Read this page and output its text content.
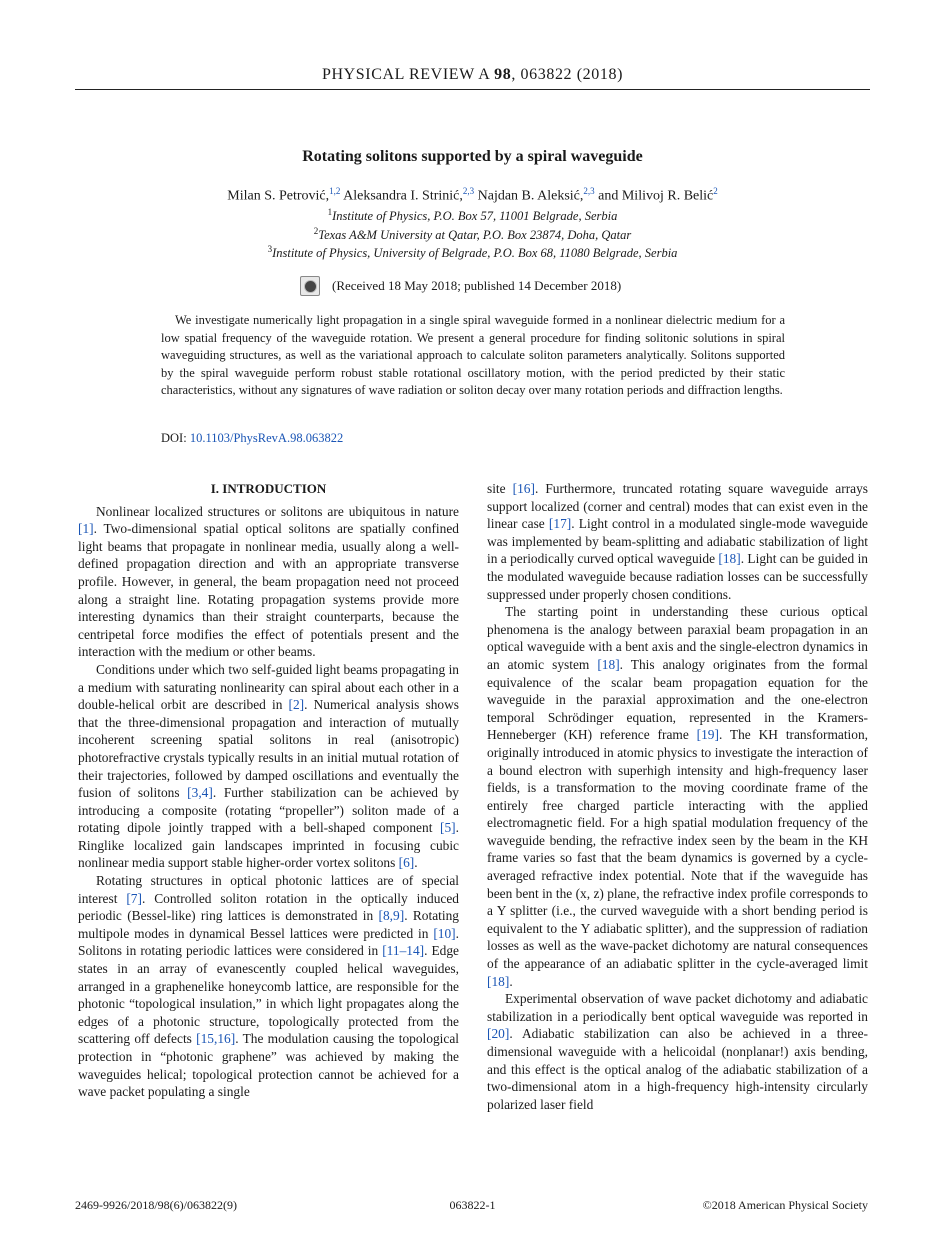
PHYSICAL REVIEW A 98, 063822 (2018)
Rotating solitons supported by a spiral waveguide
Milan S. Petrović,$^{1,2}$ Aleksandra I. Strinić,$^{2,3}$ Najdan B. Aleksić,$^{2,3}$ and Milivoj R. Belić$^2$
$^1$Institute of Physics, P.O. Box 57, 11001 Belgrade, Serbia
$^2$Texas A&M University at Qatar, P.O. Box 23874, Doha, Qatar
$^3$Institute of Physics, University of Belgrade, P.O. Box 68, 11080 Belgrade, Serbia
(Received 18 May 2018; published 14 December 2018)

We investigate numerically light propagation in a single spiral waveguide formed in a nonlinear dielectric medium for a low spatial frequency of the waveguide rotation. We present a general procedure for finding solitonic solutions in spiral waveguiding structures, as well as the variational approach to calculate soliton parameters analytically. Solitons supported by the spiral waveguide perform robust stable rotational oscillatory motion, with the period predicted by their static characteristics, without any signatures of wave radiation or soliton decay over many rotation periods and diffraction lengths.

DOI: 10.1103/PhysRevA.98.063822
I. INTRODUCTION

Nonlinear localized structures or solitons are ubiquitous in nature [1]. Two-dimensional spatial optical solitons are spatially confined light beams that propagate in nonlinear media, usually along a well-defined propagation direction and with an appropriate transverse profile. However, in general, the beam propagation need not proceed along a straight line. Rotating propagation systems provide more interesting dynamics than their straight counterparts, because the centripetal force modifies the effect of potentials present and the interaction with the medium or other beams.

Conditions under which two self-guided light beams propagating in a medium with saturating nonlinearity can spiral about each other in a double-helical orbit are described in [2]. Numerical analysis shows that the three-dimensional propagation and interaction of mutually incoherent screening spatial solitons in real (anisotropic) photorefractive crystals typically results in an initial mutual rotation of their trajectories, followed by damped oscillations and eventually the fusion of solitons [3,4]. Further stabilization can be achieved by introducing a composite (rotating “propeller”) soliton made of a rotating dipole jointly trapped with a bell-shaped component [5]. Ringlike localized gain landscapes imprinted in focusing cubic nonlinear media support stable higher-order vortex solitons [6].

Rotating structures in optical photonic lattices are of special interest [7]. Controlled soliton rotation in the optically induced periodic (Bessel-like) ring lattices is demonstrated in [8,9]. Rotating multipole modes in dynamical Bessel lattices were predicted in [10]. Solitons in rotating periodic lattices were considered in [11–14]. Edge states in an array of evanescently coupled helical waveguides, arranged in a graphenelike honeycomb lattice, are responsible for the photonic “topological insulation,” in which light propagates along the edges of a photonic structure, topologically protected from the scattering off defects [15,16]. The modulation causing the topological protection in “photonic graphene” was achieved by making the waveguides helical; topological protection cannot be achieved for a wave packet populating a single

site [16]. Furthermore, truncated rotating square waveguide arrays support localized (corner and central) modes that can exist even in the linear case [17]. Light control in a modulated single-mode waveguide was implemented by beam-splitting and adiabatic stabilization of light in a periodically curved optical waveguide [18]. Light can be guided in the modulated waveguide because radiation losses can be successfully suppressed under properly chosen conditions.

The starting point in understanding these curious optical phenomena is the analogy between paraxial beam propagation in an optical waveguide with a bent axis and the single-electron dynamics in an atomic system [18]. This analogy originates from the formal equivalence of the scalar beam propagation equation for the waveguide in the paraxial approximation and the one-electron temporal Schrödinger equation, represented in the Kramers-Henneberger (KH) reference frame [19]. The KH transformation, originally introduced in atomic physics to investigate the interaction of a bound electron with superhigh intensity and high-frequency laser fields, is a transformation to the moving coordinate frame of the entirely free charged particle interacting with the applied electromagnetic field. For a high spatial modulation frequency of the waveguide bending, the refractive index seen by the beam in the KH frame varies so fast that the beam dynamics is governed by a cycle-averaged refractive index potential. Note that if the waveguide has been bent in the (x, z) plane, the refractive index profile corresponds to a Y splitter (i.e., the curved waveguide with a short bending period is equivalent to the Y adiabatic splitter), and the suppression of radiation losses as well as the wave-packet dichotomy are natural consequences of the appearance of an adiabatic splitter in the cycle-averaged limit [18].

Experimental observation of wave packet dichotomy and adiabatic stabilization in a periodically bent optical waveguide was reported in [20]. Adiabatic stabilization can also be achieved in a three-dimensional waveguide with a helicoidal (nonplanar!) axis bending, and this effect is the optical analog of the adiabatic stabilization of a two-dimensional atom in a high-frequency high-intensity circularly polarized laser field

2469-9926/2018/98(6)/063822(9)	063822-1	©2018 American Physical Society
